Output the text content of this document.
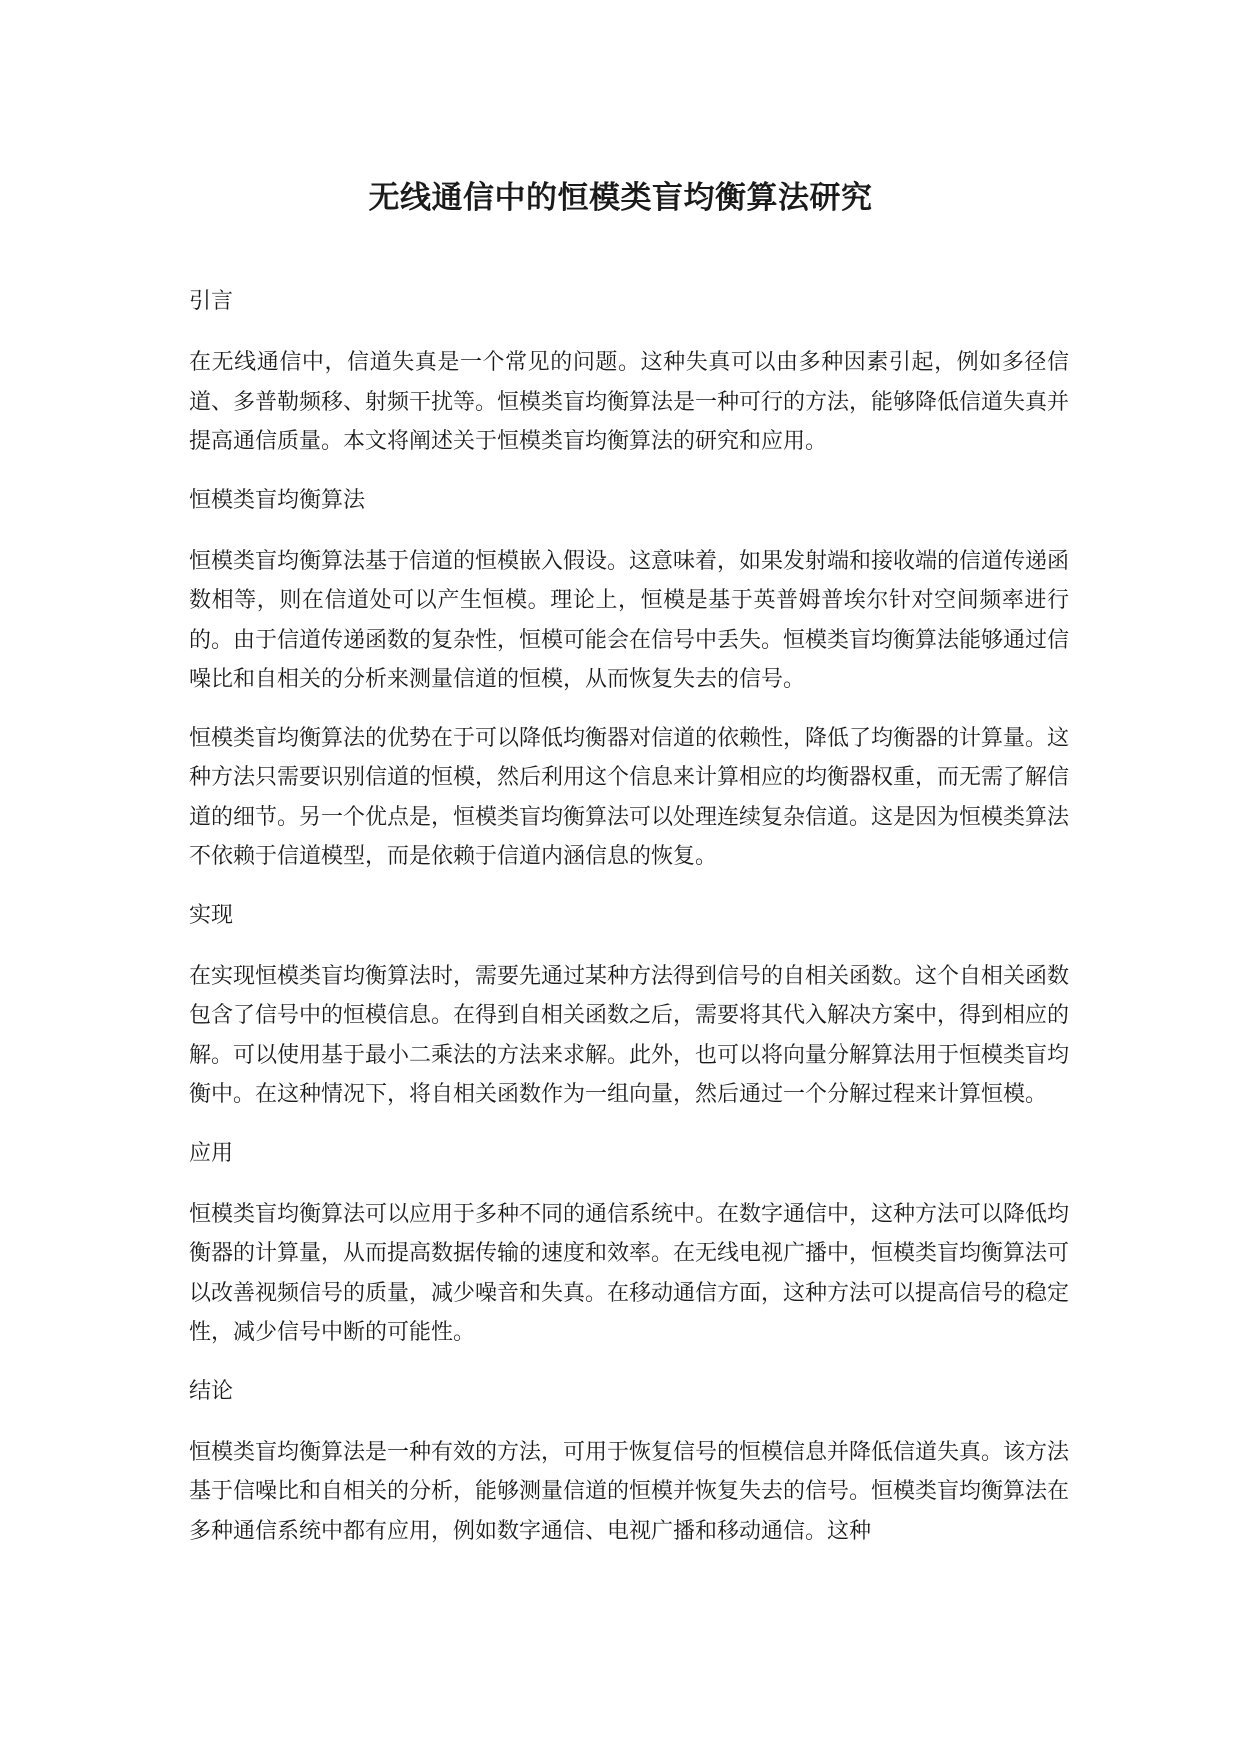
无线通信中的恒模类盲均衡算法研究
引言

在无线通信中，信道失真是一个常见的问题。这种失真可以由多种因素引起，例如多径信道、多普勒频移、射频干扰等。恒模类盲均衡算法是一种可行的方法，能够降低信道失真并提高通信质量。本文将阐述关于恒模类盲均衡算法的研究和应用。

恒模类盲均衡算法

恒模类盲均衡算法基于信道的恒模嵌入假设。这意味着，如果发射端和接收端的信道传递函数相等，则在信道处可以产生恒模。理论上，恒模是基于英普姆普埃尔针对空间频率进行的。由于信道传递函数的复杂性，恒模可能会在信号中丢失。恒模类盲均衡算法能够通过信噪比和自相关的分析来测量信道的恒模，从而恢复失去的信号。

恒模类盲均衡算法的优势在于可以降低均衡器对信道的依赖性，降低了均衡器的计算量。这种方法只需要识别信道的恒模，然后利用这个信息来计算相应的均衡器权重，而无需了解信道的细节。另一个优点是，恒模类盲均衡算法可以处理连续复杂信道。这是因为恒模类算法不依赖于信道模型，而是依赖于信道内涵信息的恢复。

实现

在实现恒模类盲均衡算法时，需要先通过某种方法得到信号的自相关函数。这个自相关函数包含了信号中的恒模信息。在得到自相关函数之后，需要将其代入解决方案中，得到相应的解。可以使用基于最小二乘法的方法来求解。此外，也可以将向量分解算法用于恒模类盲均衡中。在这种情况下，将自相关函数作为一组向量，然后通过一个分解过程来计算恒模。

应用

恒模类盲均衡算法可以应用于多种不同的通信系统中。在数字通信中，这种方法可以降低均衡器的计算量，从而提高数据传输的速度和效率。在无线电视广播中，恒模类盲均衡算法可以改善视频信号的质量，减少噪音和失真。在移动通信方面，这种方法可以提高信号的稳定性，减少信号中断的可能性。

结论

恒模类盲均衡算法是一种有效的方法，可用于恢复信号的恒模信息并降低信道失真。该方法基于信噪比和自相关的分析，能够测量信道的恒模并恢复失去的信号。恒模类盲均衡算法在多种通信系统中都有应用，例如数字通信、电视广播和移动通信。这种
